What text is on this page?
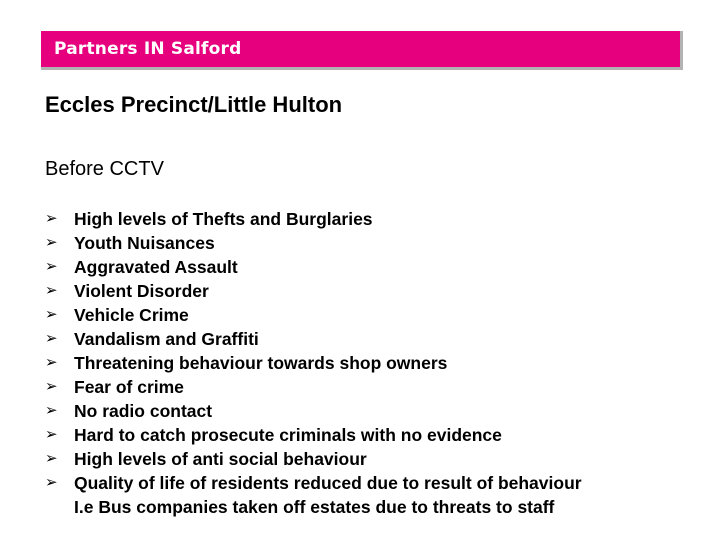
Partners IN Salford
Eccles Precinct/Little Hulton
Before CCTV
➢ High levels of Thefts and Burglaries
➢ Youth Nuisances
➢ Aggravated Assault
➢ Violent Disorder
➢ Vehicle Crime
➢ Vandalism and Graffiti
➢ Threatening behaviour towards shop owners
➢ Fear of crime
➢ No radio contact
➢ Hard to catch prosecute criminals with no evidence
➢ High levels of anti social behaviour
➢ Quality of life of residents reduced due to result of behaviour
I.e Bus companies taken off estates due to threats to staff
